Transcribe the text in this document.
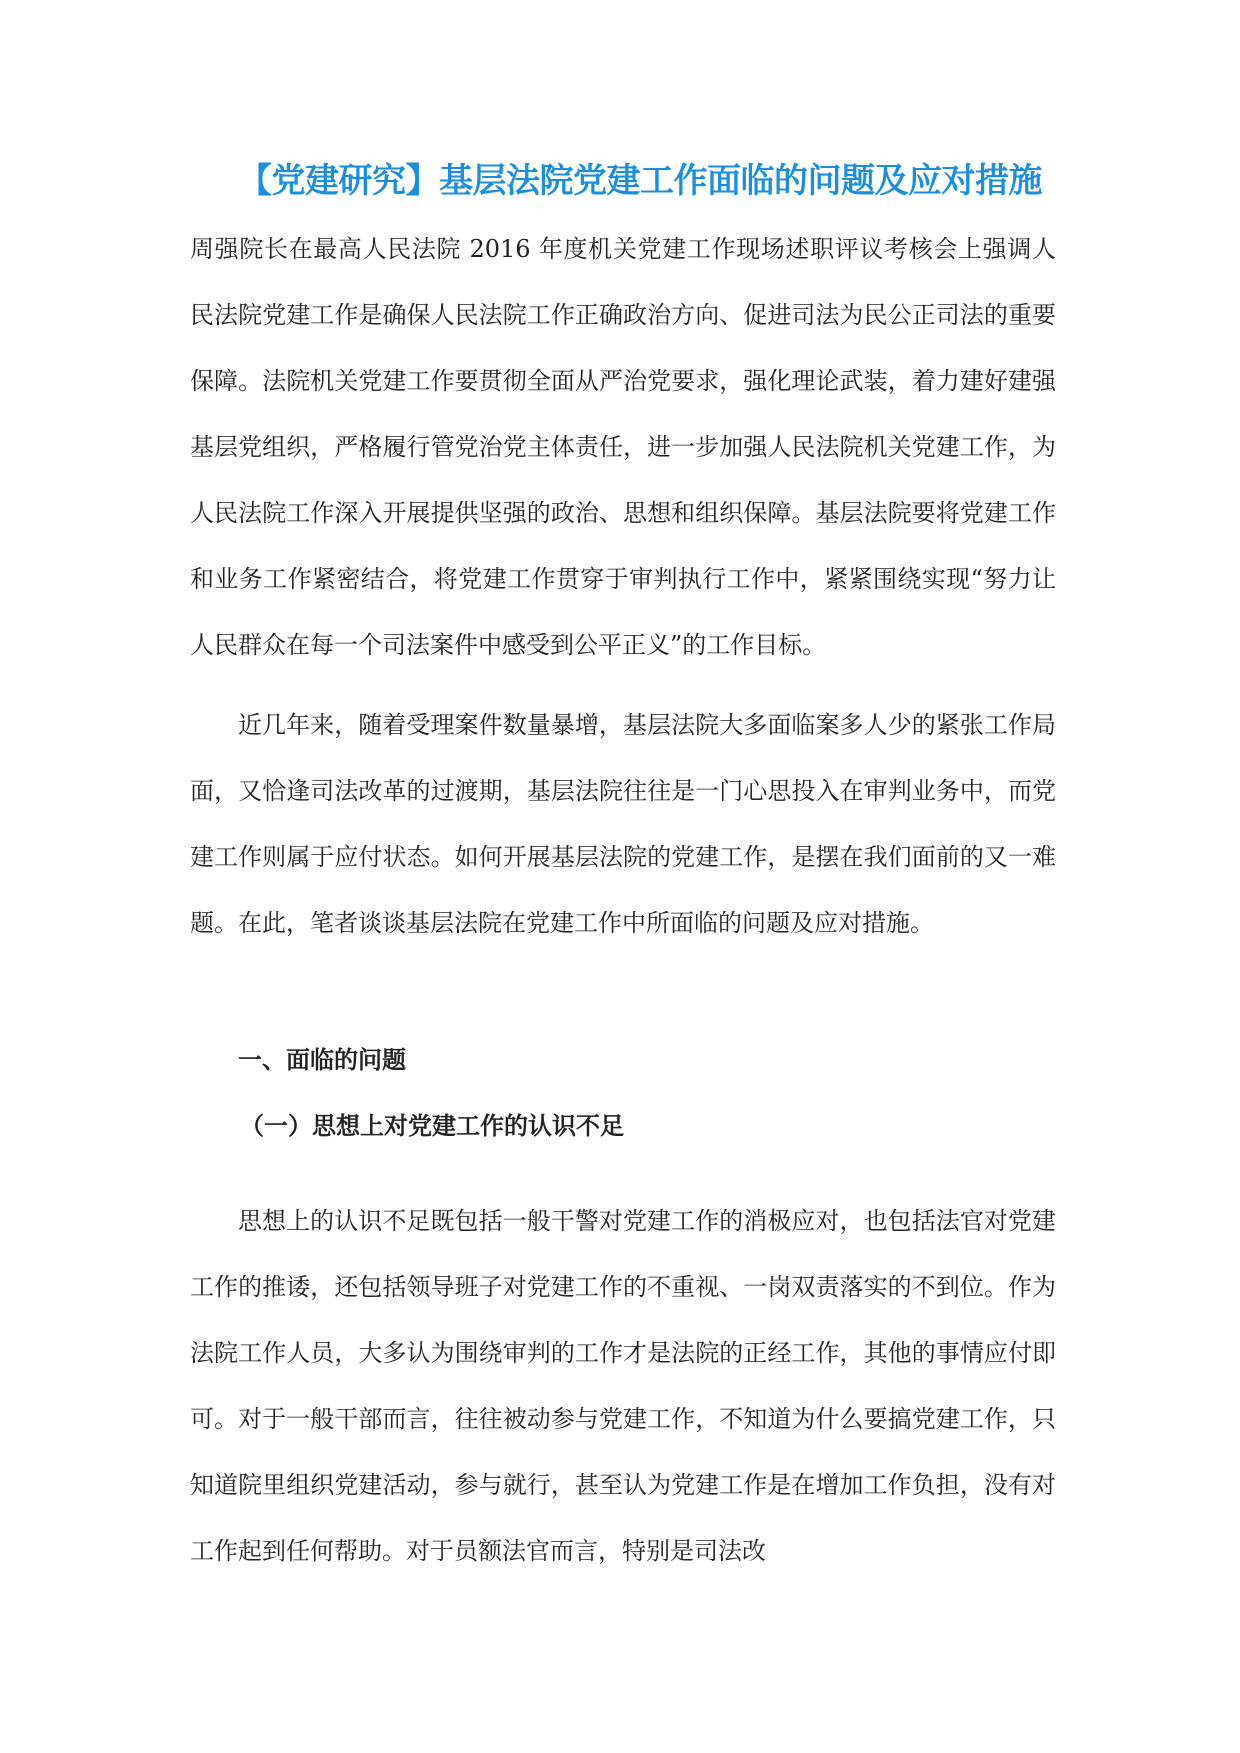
【党建研究】基层法院党建工作面临的问题及应对措施

周强院长在最高人民法院 2016 年度机关党建工作现场述职评议考核会上强调人民法院党建工作是确保人民法院工作正确政治方向、促进司法为民公正司法的重要保障。法院机关党建工作要贯彻全面从严治党要求，强化理论武装，着力建好建强基层党组织，严格履行管党治党主体责任，进一步加强人民法院机关党建工作，为人民法院工作深入开展提供坚强的政治、思想和组织保障。基层法院要将党建工作和业务工作紧密结合，将党建工作贯穿于审判执行工作中，紧紧围绕实现“努力让人民群众在每一个司法案件中感受到公平正义”的工作目标。

近几年来，随着受理案件数量暴增，基层法院大多面临案多人少的紧张工作局面，又恰逢司法改革的过渡期，基层法院往往是一门心思投入在审判业务中，而党建工作则属于应付状态。如何开展基层法院的党建工作，是摆在我们面前的又一难题。在此，笔者谈谈基层法院在党建工作中所面临的问题及应对措施。

一、面临的问题
（一）思想上对党建工作的认识不足

思想上的认识不足既包括一般干警对党建工作的消极应对，也包括法官对党建工作的推诿，还包括领导班子对党建工作的不重视、一岗双责落实的不到位。作为法院工作人员，大多认为围绕审判的工作才是法院的正经工作，其他的事情应付即可。对于一般干部而言，往往被动参与党建工作，不知道为什么要搞党建工作，只知道院里组织党建活动，参与就行，甚至认为党建工作是在增加工作负担，没有对工作起到任何帮助。对于员额法官而言，特别是司法改
